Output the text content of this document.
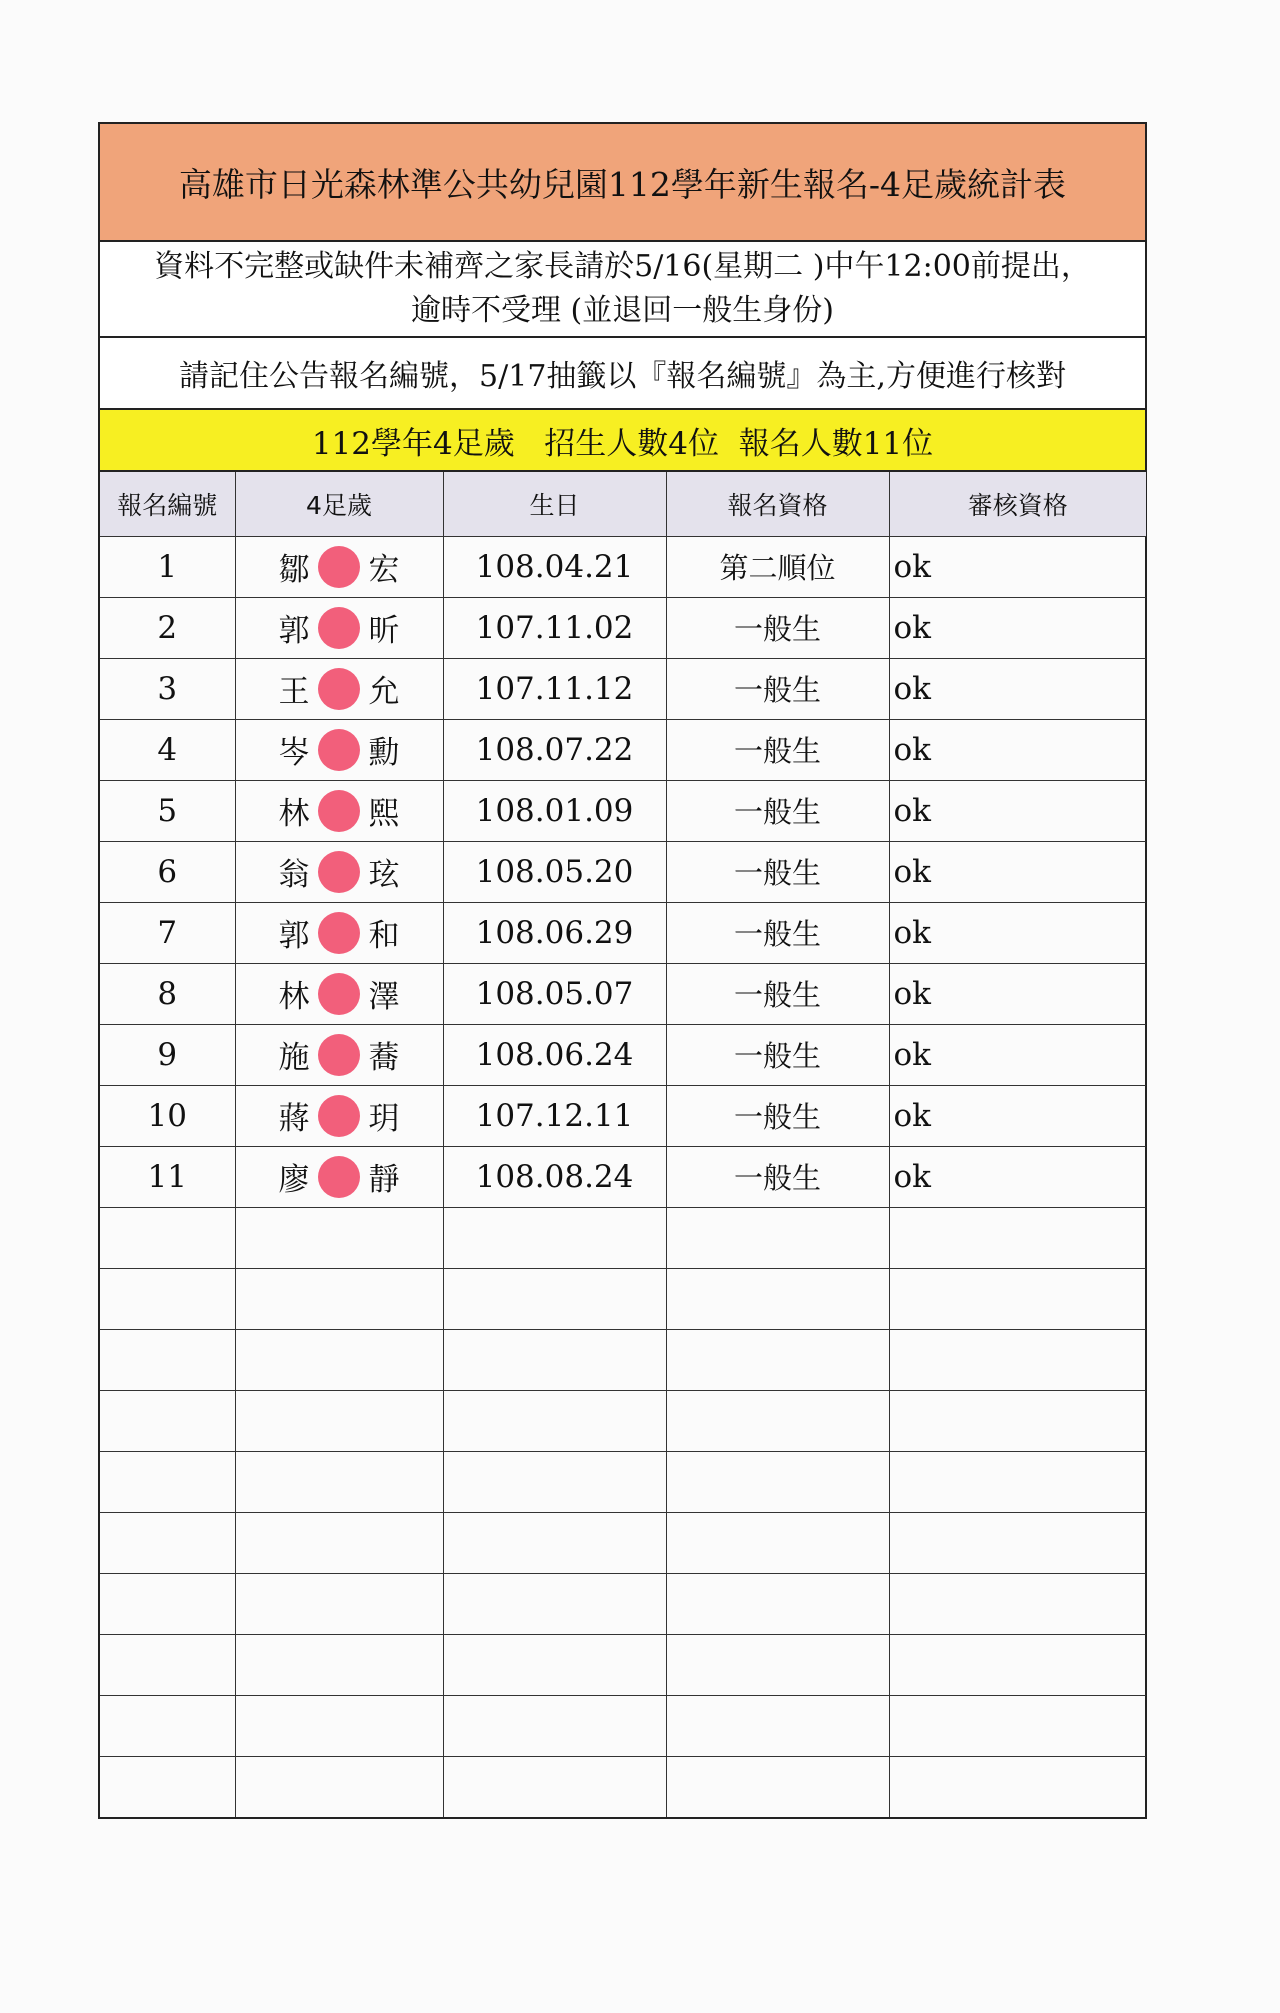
高雄市日光森林準公共幼兒園112學年新生報名-4足歲統計表
資料不完整或缺件未補齊之家長請於5/16(星期二 )中午12:00前提出，
逾時不受理 (並退回一般生身份)
請記住公告報名編號，5/17抽籤以『報名編號』為主,方便進行核對
112學年4足歲   招生人數4位  報名人數11位
報名編號	4足歲	生日	報名資格	審核資格
1	鄒 宏	108.04.21	第二順位	ok
2	郭 昕	107.11.02	一般生	ok
3	王 允	107.11.12	一般生	ok
4	岑 勳	108.07.22	一般生	ok
5	林 熙	108.01.09	一般生	ok
6	翁 玹	108.05.20	一般生	ok
7	郭 和	108.06.29	一般生	ok
8	林 澤	108.05.07	一般生	ok
9	施 蕎	108.06.24	一般生	ok
10	蔣 玥	107.12.11	一般生	ok
11	廖 靜	108.08.24	一般生	ok
